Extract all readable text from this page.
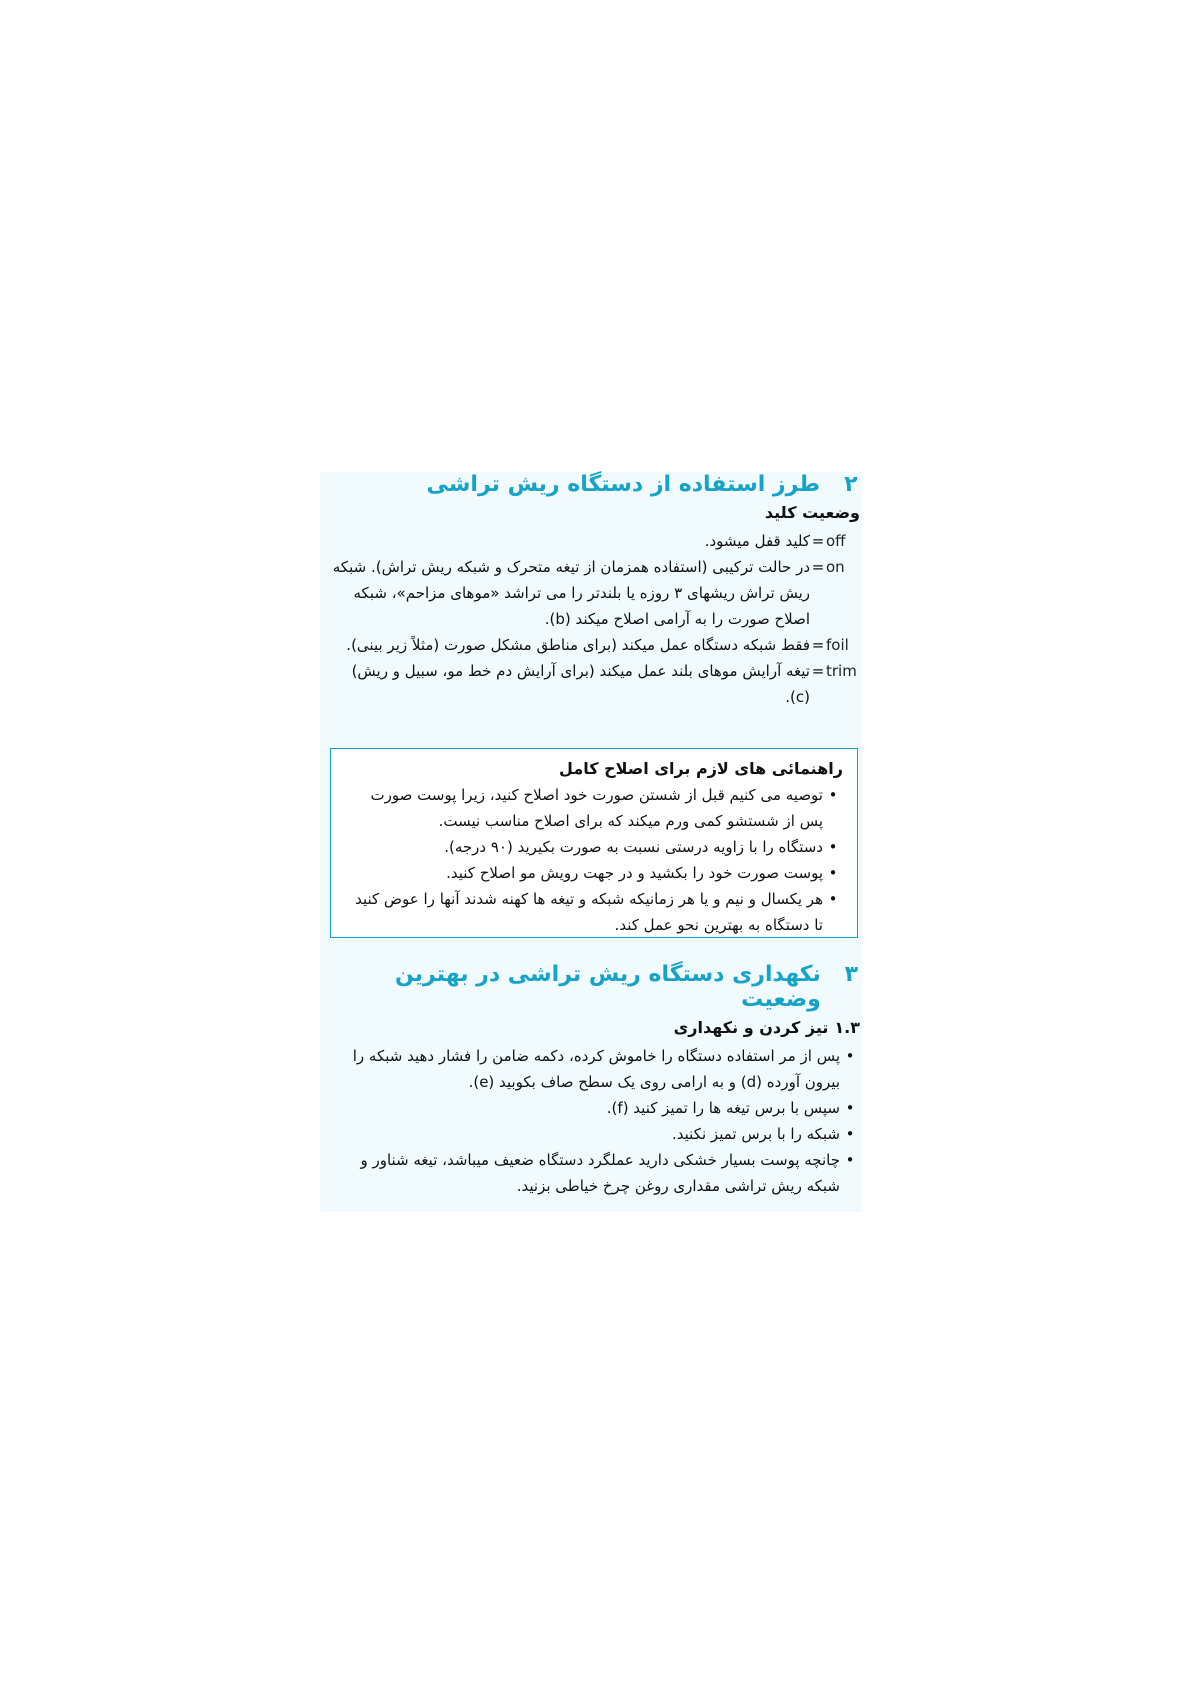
۲
طرز استفاده از دستگاه ریش تراشی
وضعیت کلید
off
=
کلید قفل میشود.
on
=
در حالت ترکیبی (استفاده همزمان از تیغه متحرک و شبکه ریش تراش). شبکه ریش تراش ریشهای ۳ روزه یا بلندتر را می تراشد «موهای مزاحم»، شبکه اصلاح صورت را به آرامی اصلاح میکند (b).
foil
=
فقط شبکه دستگاه عمل میکند (برای مناطق مشکل صورت (مثلاً زیر بینی).
trim
=
تیغه آرایش موهای بلند عمل میکند (برای آرایش دم خط مو، سبیل و ریش) (c).
راهنمائی های لازم برای اصلاح کامل
•
توصیه می کنیم قبل از شستن صورت خود اصلاح کنید، زیرا پوست صورت پس از شستشو کمی ورم میکند که برای اصلاح مناسب نیست.
•
دستگاه را با زاویه درستی نسبت به صورت بکیرید (۹۰ درجه).
•
پوست صورت خود را بکشید و در جهت رویش مو اصلاح کنید.
•
هر یکسال و نیم و یا هر زمانیکه شبکه و تیغه ها کهنه شدند آنها را عوض کنید تا دستگاه به بهترین نحو عمل کند.
۳
نکهداری دستگاه ریش تراشی در بهترین وضعیت
۱.۳
تیز کردن و نکهداری
•
پس از مر استفاده دستگاه را خاموش کرده، دکمه ضامن را فشار دهید شبکه را بیرون آورده (d) و به ارامی روی یک سطح صاف بکوبید (e).
•
سپس با برس تیغه ها را تمیز کنید (f).
•
شبکه را با برس تمیز نکنید.
•
چانچه پوست بسیار خشکی دارید عملگرد دستگاه ضعیف میباشد، تیغه شناور و شبکه ریش تراشی مقداری روغن چرخ خیاطی بزنید.
